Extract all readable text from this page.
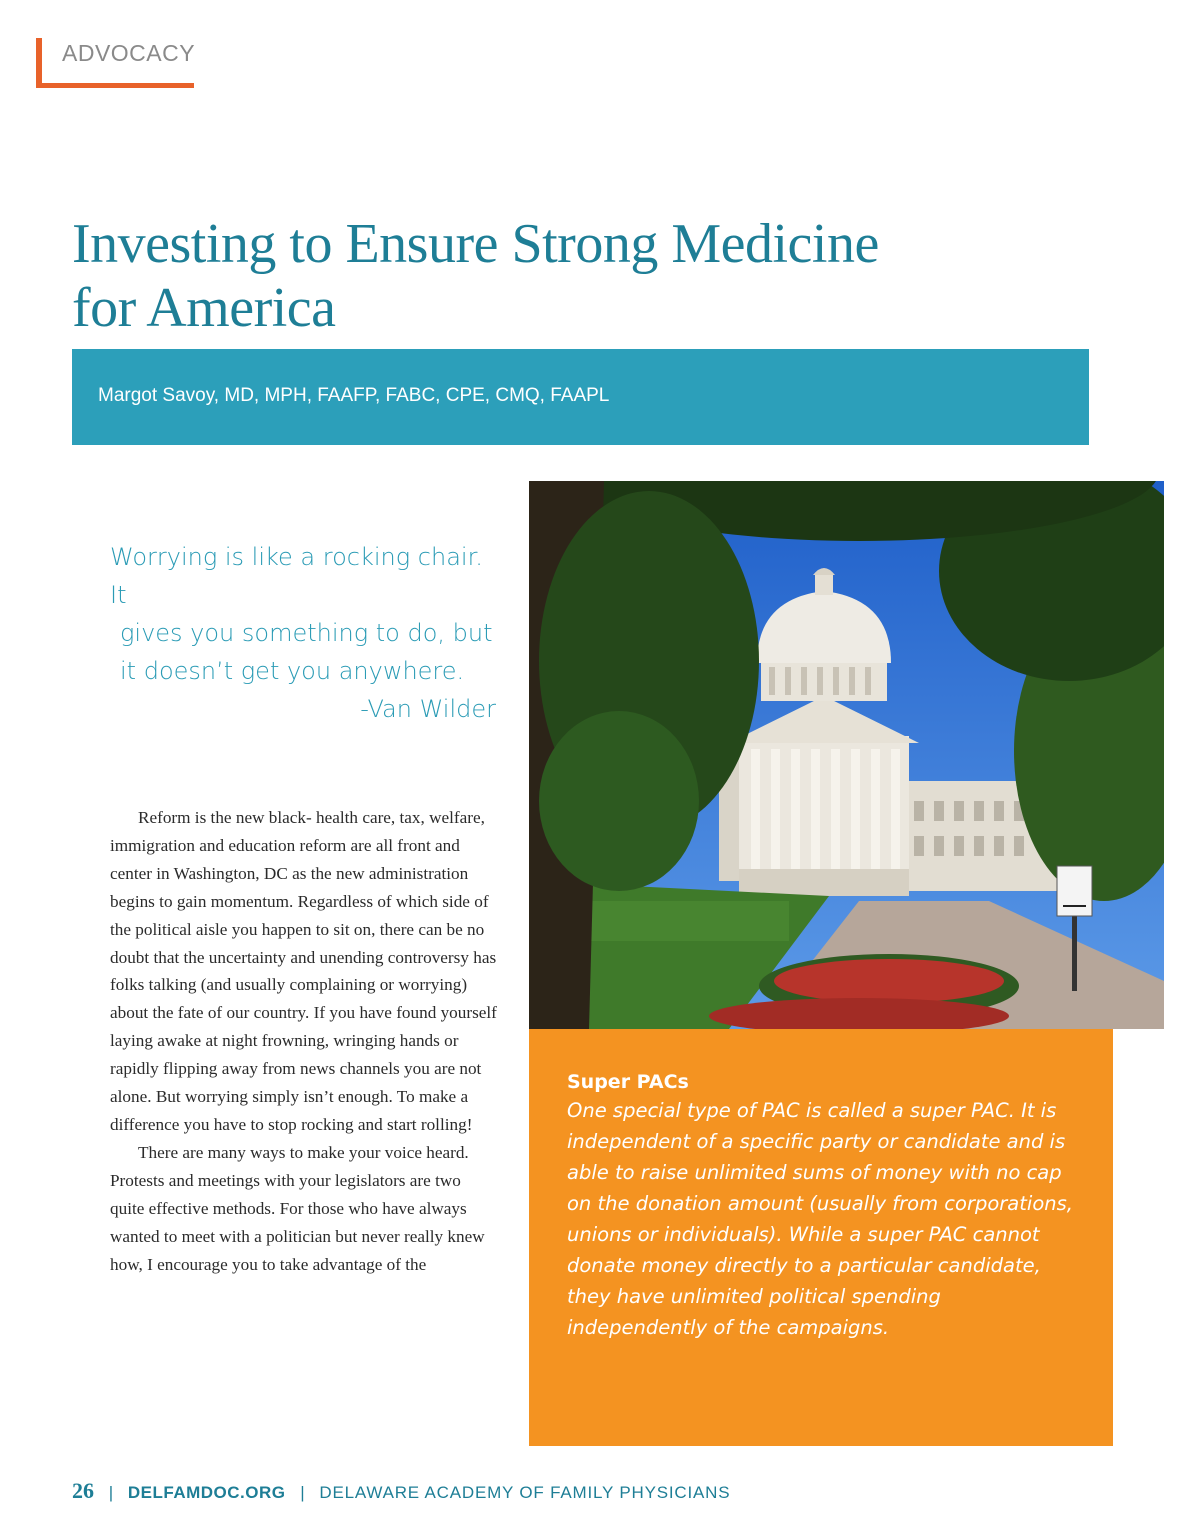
ADVOCACY
Investing to Ensure Strong Medicine for America
Margot Savoy, MD, MPH, FAAFP, FABC, CPE, CMQ, FAAPL
Worrying is like a rocking chair. It
gives you something to do, but
it doesn’t get you anywhere.
-Van Wilder

Reform is the new black- health care, tax, welfare, immigration and education reform are all front and center in Washington, DC as the new administration begins to gain momentum. Regardless of which side of the political aisle you happen to sit on, there can be no doubt that the uncertainty and unending controversy has folks talking (and usually complaining or worrying) about the fate of our country. If you have found yourself laying awake at night frowning, wringing hands or rapidly flipping away from news channels you are not alone. But worrying simply isn’t enough. To make a difference you have to stop rocking and start rolling!

There are many ways to make your voice heard. Protests and meetings with your legislators are two quite effective methods. For those who have always wanted to meet with a politician but never really knew how, I encourage you to take advantage of the

Super PACs

One special type of PAC is called a super PAC. It is independent of a specific party or candidate and is able to raise unlimited sums of money with no cap on the donation amount (usually from corporations, unions or individuals). While a super PAC cannot donate money directly to a particular candidate, they have unlimited political spending independently of the campaigns.

26 | DELFAMDOC.ORG | DELAWARE ACADEMY OF FAMILY PHYSICIANS
